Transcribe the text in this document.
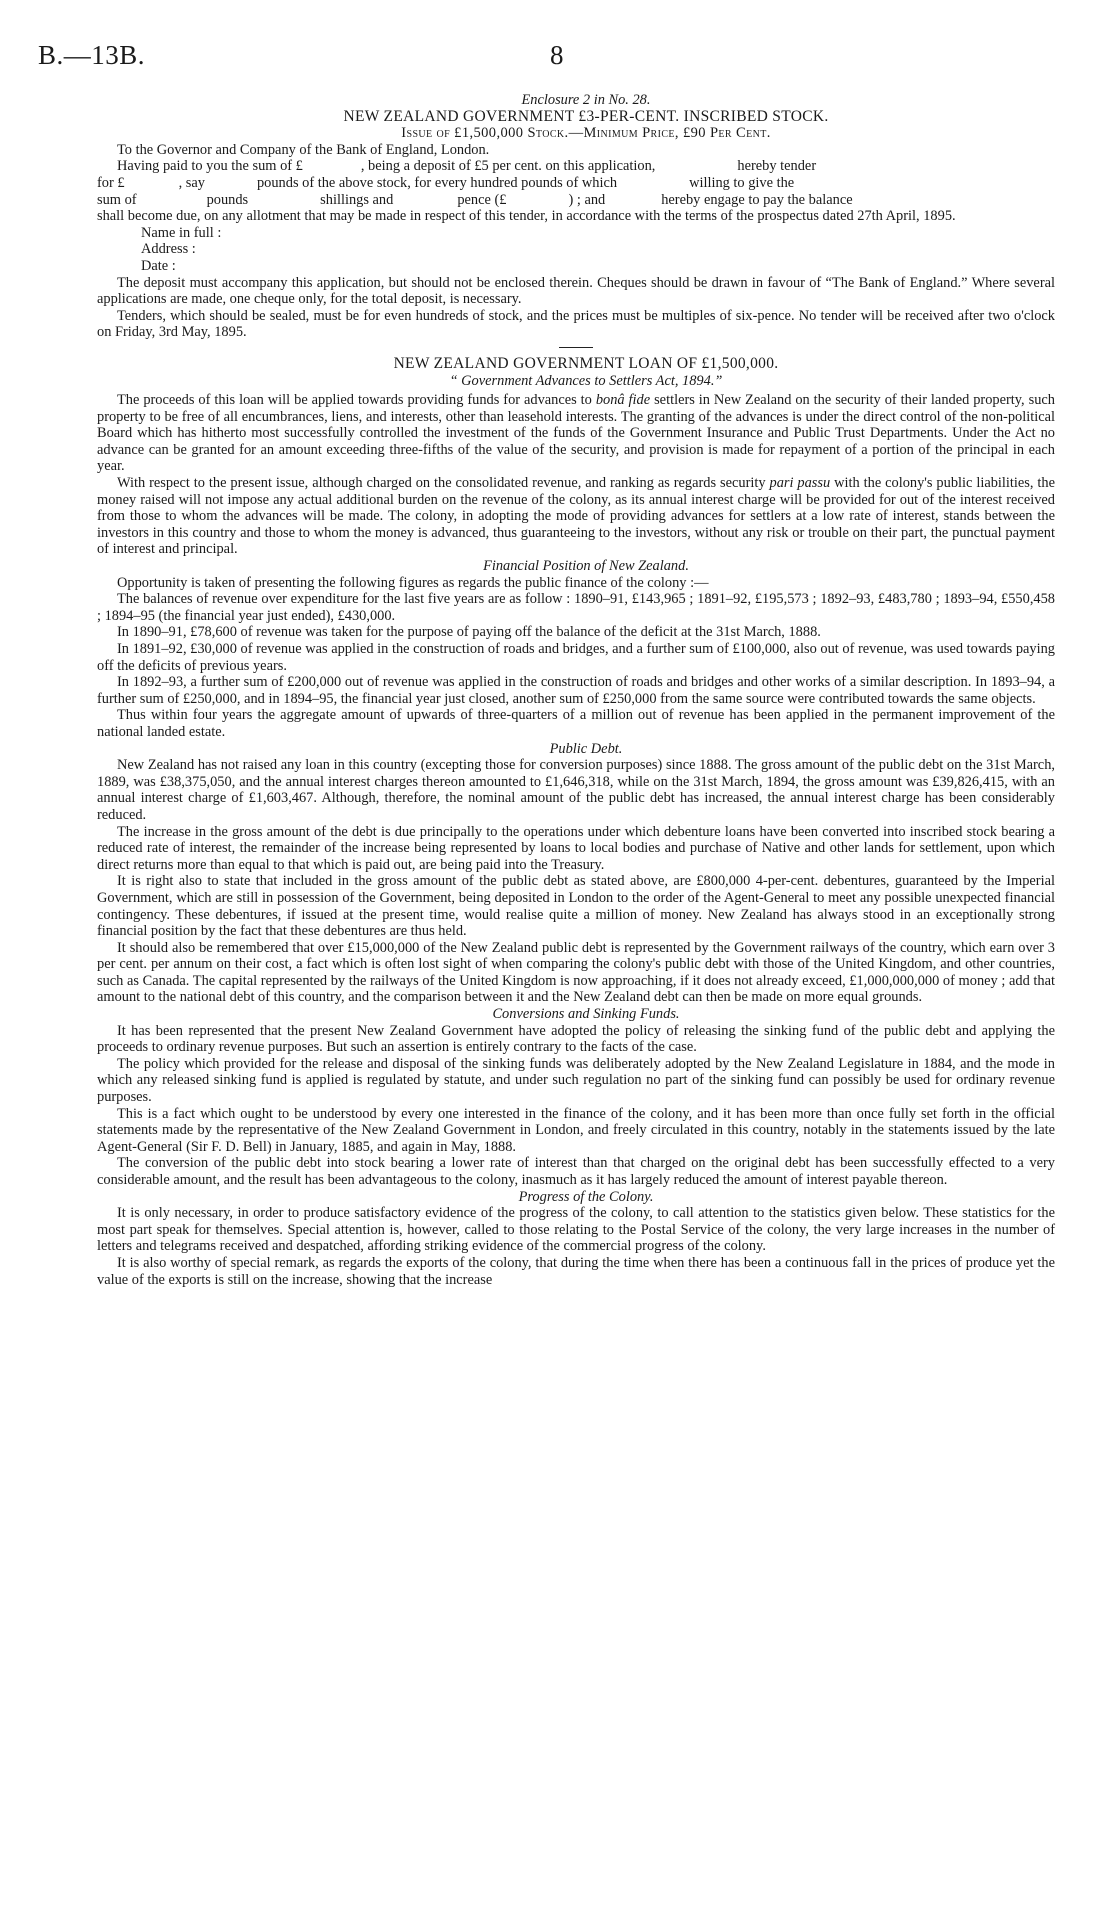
B.—13B.	8

Enclosure 2 in No. 28.

NEW ZEALAND GOVERNMENT £3-PER-CENT. INSCRIBED STOCK.

Issue of £1,500,000 Stock.—Minimum Price, £90 Per Cent.

To the Governor and Company of the Bank of England, London.

Having paid to you the sum of £	, being a deposit of £5 per cent. on this application,	hereby tender

for £	, say	pounds of the above stock, for every hundred pounds of which	willing to give the

sum of	pounds	shillings and	pence (£	) ; and	hereby engage to pay the balance

shall become due, on any allotment that may be made in respect of this tender, in accordance with the terms of the prospectus dated 27th April, 1895.

Name in full :

Address :

Date :

The deposit must accompany this application, but should not be enclosed therein. Cheques should be drawn in favour of “The Bank of England.” Where several applications are made, one cheque only, for the total deposit, is necessary.

Tenders, which should be sealed, must be for even hundreds of stock, and the prices must be multiples of six-pence. No tender will be received after two o'clock on Friday, 3rd May, 1895.

NEW ZEALAND GOVERNMENT LOAN OF £1,500,000.

“ Government Advances to Settlers Act, 1894.”

The proceeds of this loan will be applied towards providing funds for advances to bonâ fide settlers in New Zealand on the security of their landed property, such property to be free of all encumbrances, liens, and interests, other than leasehold interests. The granting of the advances is under the direct control of the non-political Board which has hitherto most successfully controlled the investment of the funds of the Government Insurance and Public Trust Departments. Under the Act no advance can be granted for an amount exceeding three-fifths of the value of the security, and provision is made for repayment of a portion of the principal in each year.

With respect to the present issue, although charged on the consolidated revenue, and ranking as regards security pari passu with the colony's public liabilities, the money raised will not impose any actual additional burden on the revenue of the colony, as its annual interest charge will be provided for out of the interest received from those to whom the advances will be made. The colony, in adopting the mode of providing advances for settlers at a low rate of interest, stands between the investors in this country and those to whom the money is advanced, thus guaranteeing to the investors, without any risk or trouble on their part, the punctual payment of interest and principal.

Financial Position of New Zealand.

Opportunity is taken of presenting the following figures as regards the public finance of the colony :—

The balances of revenue over expenditure for the last five years are as follow : 1890–91, £143,965 ; 1891–92, £195,573 ; 1892–93, £483,780 ; 1893–94, £550,458 ; 1894–95 (the financial year just ended), £430,000.

In 1890–91, £78,600 of revenue was taken for the purpose of paying off the balance of the deficit at the 31st March, 1888.

In 1891–92, £30,000 of revenue was applied in the construction of roads and bridges, and a further sum of £100,000, also out of revenue, was used towards paying off the deficits of previous years.

In 1892–93, a further sum of £200,000 out of revenue was applied in the construction of roads and bridges and other works of a similar description. In 1893–94, a further sum of £250,000, and in 1894–95, the financial year just closed, another sum of £250,000 from the same source were contributed towards the same objects.

Thus within four years the aggregate amount of upwards of three-quarters of a million out of revenue has been applied in the permanent improvement of the national landed estate.

Public Debt.

New Zealand has not raised any loan in this country (excepting those for conversion purposes) since 1888. The gross amount of the public debt on the 31st March, 1889, was £38,375,050, and the annual interest charges thereon amounted to £1,646,318, while on the 31st March, 1894, the gross amount was £39,826,415, with an annual interest charge of £1,603,467. Although, therefore, the nominal amount of the public debt has increased, the annual interest charge has been considerably reduced.

The increase in the gross amount of the debt is due principally to the operations under which debenture loans have been converted into inscribed stock bearing a reduced rate of interest, the remainder of the increase being represented by loans to local bodies and purchase of Native and other lands for settlement, upon which direct returns more than equal to that which is paid out, are being paid into the Treasury.

It is right also to state that included in the gross amount of the public debt as stated above, are £800,000 4-per-cent. debentures, guaranteed by the Imperial Government, which are still in possession of the Government, being deposited in London to the order of the Agent-General to meet any possible unexpected financial contingency. These debentures, if issued at the present time, would realise quite a million of money. New Zealand has always stood in an exceptionally strong financial position by the fact that these debentures are thus held.

It should also be remembered that over £15,000,000 of the New Zealand public debt is represented by the Government railways of the country, which earn over 3 per cent. per annum on their cost, a fact which is often lost sight of when comparing the colony's public debt with those of the United Kingdom, and other countries, such as Canada. The capital represented by the railways of the United Kingdom is now approaching, if it does not already exceed, £1,000,000,000 of money ; add that amount to the national debt of this country, and the comparison between it and the New Zealand debt can then be made on more equal grounds.

Conversions and Sinking Funds.

It has been represented that the present New Zealand Government have adopted the policy of releasing the sinking fund of the public debt and applying the proceeds to ordinary revenue purposes. But such an assertion is entirely contrary to the facts of the case.

The policy which provided for the release and disposal of the sinking funds was deliberately adopted by the New Zealand Legislature in 1884, and the mode in which any released sinking fund is applied is regulated by statute, and under such regulation no part of the sinking fund can possibly be used for ordinary revenue purposes.

This is a fact which ought to be understood by every one interested in the finance of the colony, and it has been more than once fully set forth in the official statements made by the representative of the New Zealand Government in London, and freely circulated in this country, notably in the statements issued by the late Agent-General (Sir F. D. Bell) in January, 1885, and again in May, 1888.

The conversion of the public debt into stock bearing a lower rate of interest than that charged on the original debt has been successfully effected to a very considerable amount, and the result has been advantageous to the colony, inasmuch as it has largely reduced the amount of interest payable thereon.

Progress of the Colony.

It is only necessary, in order to produce satisfactory evidence of the progress of the colony, to call attention to the statistics given below. These statistics for the most part speak for themselves. Special attention is, however, called to those relating to the Postal Service of the colony, the very large increases in the number of letters and telegrams received and despatched, affording striking evidence of the commercial progress of the colony.

It is also worthy of special remark, as regards the exports of the colony, that during the time when there has been a continuous fall in the prices of produce yet the value of the exports is still on the increase, showing that the increase
